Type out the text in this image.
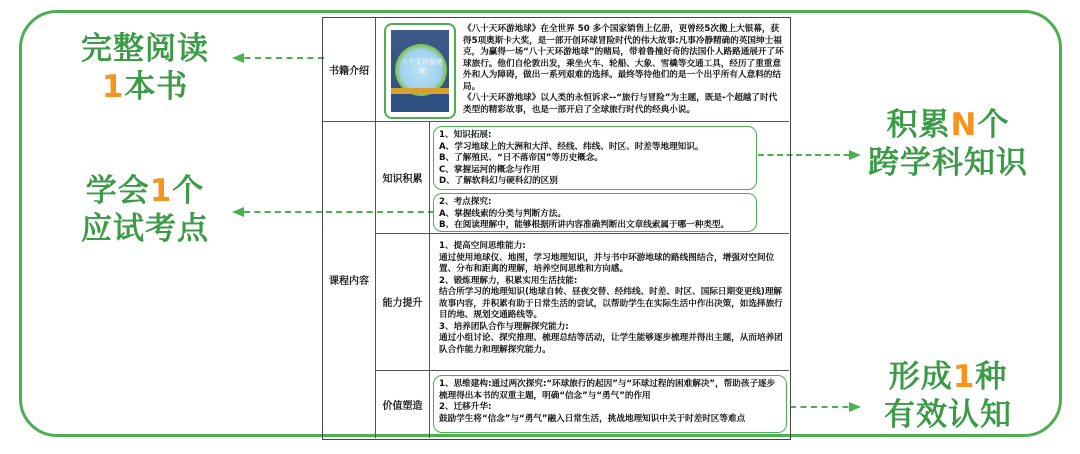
完整阅读
1本书
学会1个
应试考点
积累N个
跨学科知识
形成1种
有效认知
书籍介绍
八十天环游地球
《八十天环游地球》在全世界 50 多个国家销售上亿册，更曾经5次搬上大银幕，获得5项奥斯卡大奖，是一部开创环球冒险时代的伟大故事:凡事冷静精确的英国绅士福克，为赢得一场“八十天环游地球”的赌局，带着鲁撞好奇的法国仆人路路通展开了环球旅行。他们自伦敦出发，乘坐火车、轮船、大象、雪橇等交通工具，经历了重重意外和人为障碍，做出一系列艰难的选择。最终等待他们的是一个出乎所有人意料的结局。
《八十天环游地球》以人类的永恒诉求--“旅行与冒险”为主题，既是-个超越了时代类型的精彩故事，也是一部开启了全球旅行时代的经典小说。
课程内容
知识积累
1、知识拓展:
A、学习地球上的大洲和大洋、经线、纬线、时区、时差等地理知识。
B、了解殖民、“日不落帝国”等历史概念。
C、掌握运河的概念与作用
D、了解软科幻与硬科幻的区别
2、考点探究:
A、掌握线索的分类与判断方法。
B、在阅读理解中，能够根据所讲内容准确判断出文章线索属于哪一种类型。
能力提升
1、提高空间思维能力:
通过使用地球仪、地图，学习地理知识，并与书中环游地球的路线图结合，增强对空间位置、分布和距离的理解，培养空间思维和方向感。
2、锻炼理解力，积累实用生活技能:
结合所学习的地理知识(地球自转、昼夜交替、经纬线、时差、时区、国际日期变更线)理解故事内容，并积累有助于日常生活的尝试，以帮助学生在实际生活中作出决策，如选择旅行目的地、规划交通路线等。
3、培养团队合作与理解探究能力:
通过小组讨论、探究推理、梳理总结等活动，让学生能够逐步梳理并得出主题，从而培养团队合作能力和理解探究能力。
价值塑造
1、思维建构:通过两次探究:“环球旅行的起因”与“环球过程的困难解决”，帮助孩子逐步梳理得出本书的双重主题，明确“信念”与“勇气”的作用
2、迁移升华:
鼓励学生将“信念”与“勇气”融入日常生活，挑战地理知识中关于时差时区等难点
